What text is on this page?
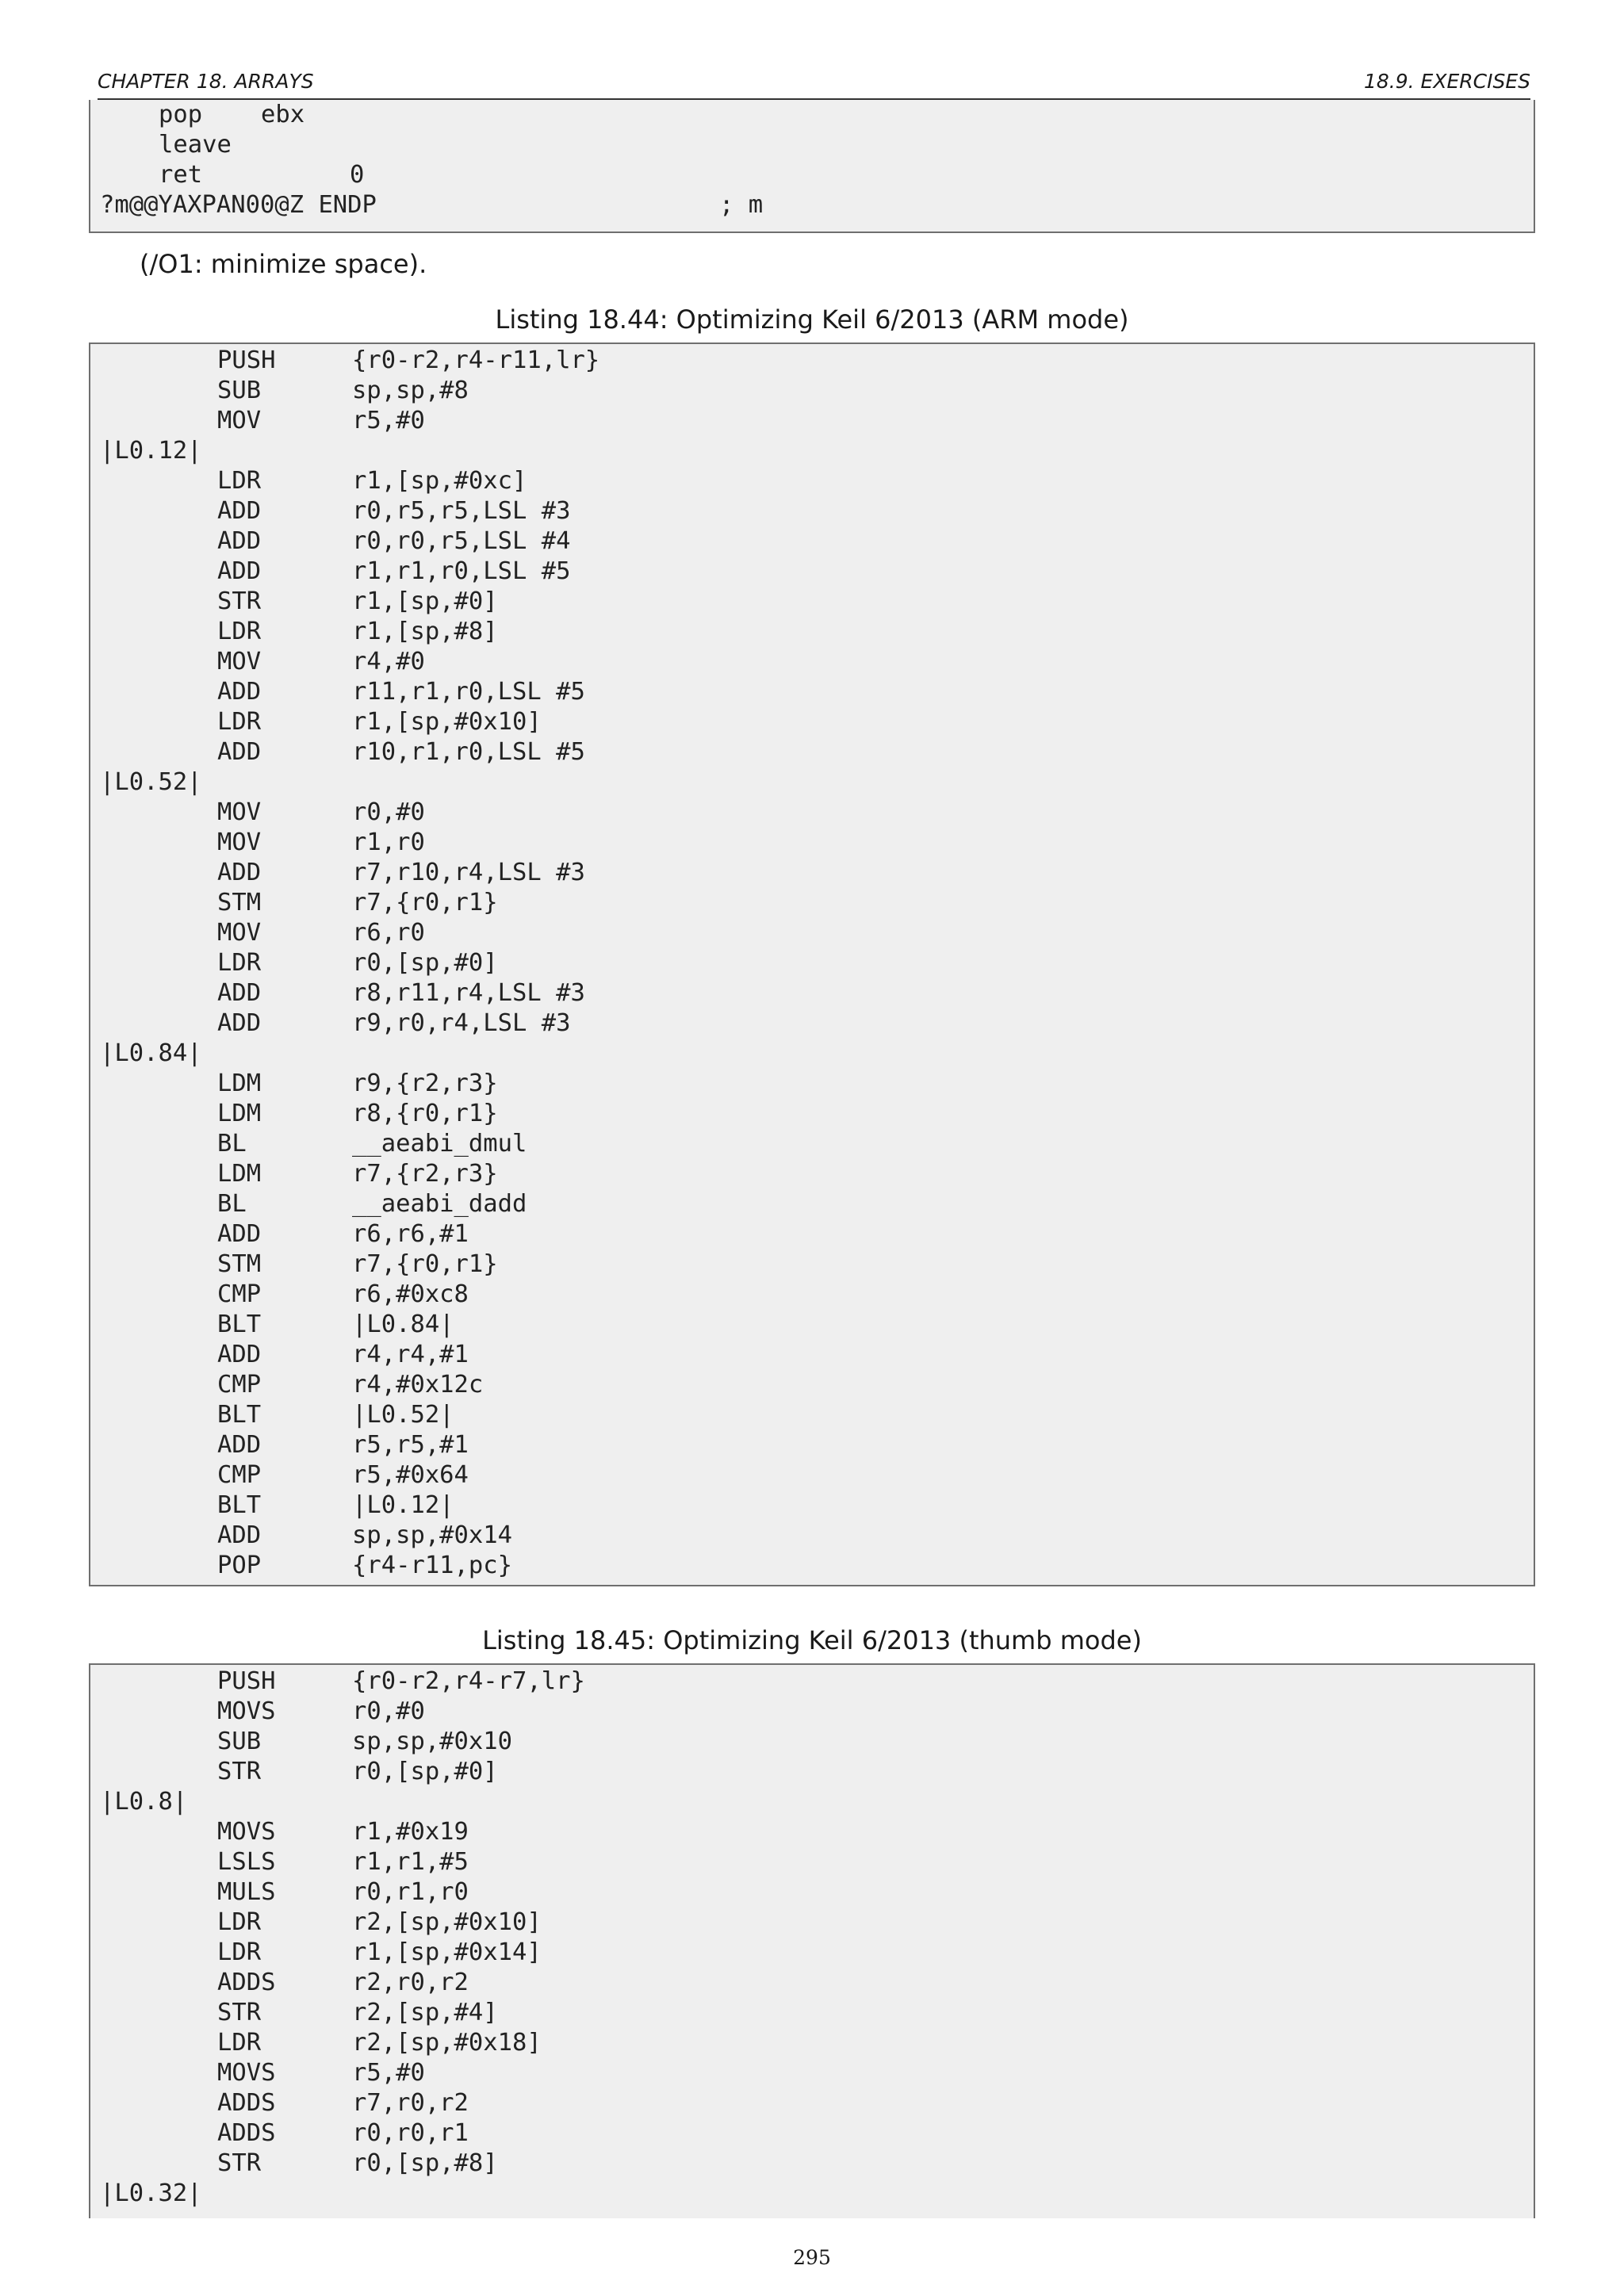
CHAPTER 18. ARRAYS	18.9. EXERCISES
pop ebx
leave
ret	0
?m@@YAXPAN00@Z ENDP	; m
(/O1: minimize space).
Listing 18.44: Optimizing Keil 6/2013 (ARM mode)
PUSH	{r0-r2,r4-r11,lr}
SUB	sp,sp,#8
MOV	r5,#0
|L0.12|
LDR	r1,[sp,#0xc]
ADD	r0,r5,r5,LSL #3
ADD	r0,r0,r5,LSL #4
ADD	r1,r1,r0,LSL #5
STR	r1,[sp,#0]
LDR	r1,[sp,#8]
MOV	r4,#0
ADD	r11,r1,r0,LSL #5
LDR	r1,[sp,#0x10]
ADD	r10,r1,r0,LSL #5
|L0.52|
MOV	r0,#0
MOV	r1,r0
ADD	r7,r10,r4,LSL #3
STM	r7,{r0,r1}
MOV	r6,r0
LDR	r0,[sp,#0]
ADD	r8,r11,r4,LSL #3
ADD	r9,r0,r4,LSL #3
|L0.84|
LDM	r9,{r2,r3}
LDM	r8,{r0,r1}
BL	__aeabi_dmul
LDM	r7,{r2,r3}
BL	__aeabi_dadd
ADD	r6,r6,#1
STM	r7,{r0,r1}
CMP	r6,#0xc8
BLT	|L0.84|
ADD	r4,r4,#1
CMP	r4,#0x12c
BLT	|L0.52|
ADD	r5,r5,#1
CMP	r5,#0x64
BLT	|L0.12|
ADD	sp,sp,#0x14
POP	{r4-r11,pc}
Listing 18.45: Optimizing Keil 6/2013 (thumb mode)
PUSH	{r0-r2,r4-r7,lr}
MOVS	r0,#0
SUB	sp,sp,#0x10
STR	r0,[sp,#0]
|L0.8|
MOVS	r1,#0x19
LSLS	r1,r1,#5
MULS	r0,r1,r0
LDR	r2,[sp,#0x10]
LDR	r1,[sp,#0x14]
ADDS	r2,r0,r2
STR	r2,[sp,#4]
LDR	r2,[sp,#0x18]
MOVS	r5,#0
ADDS	r7,r0,r2
ADDS	r0,r0,r1
STR	r0,[sp,#8]
|L0.32|
295
